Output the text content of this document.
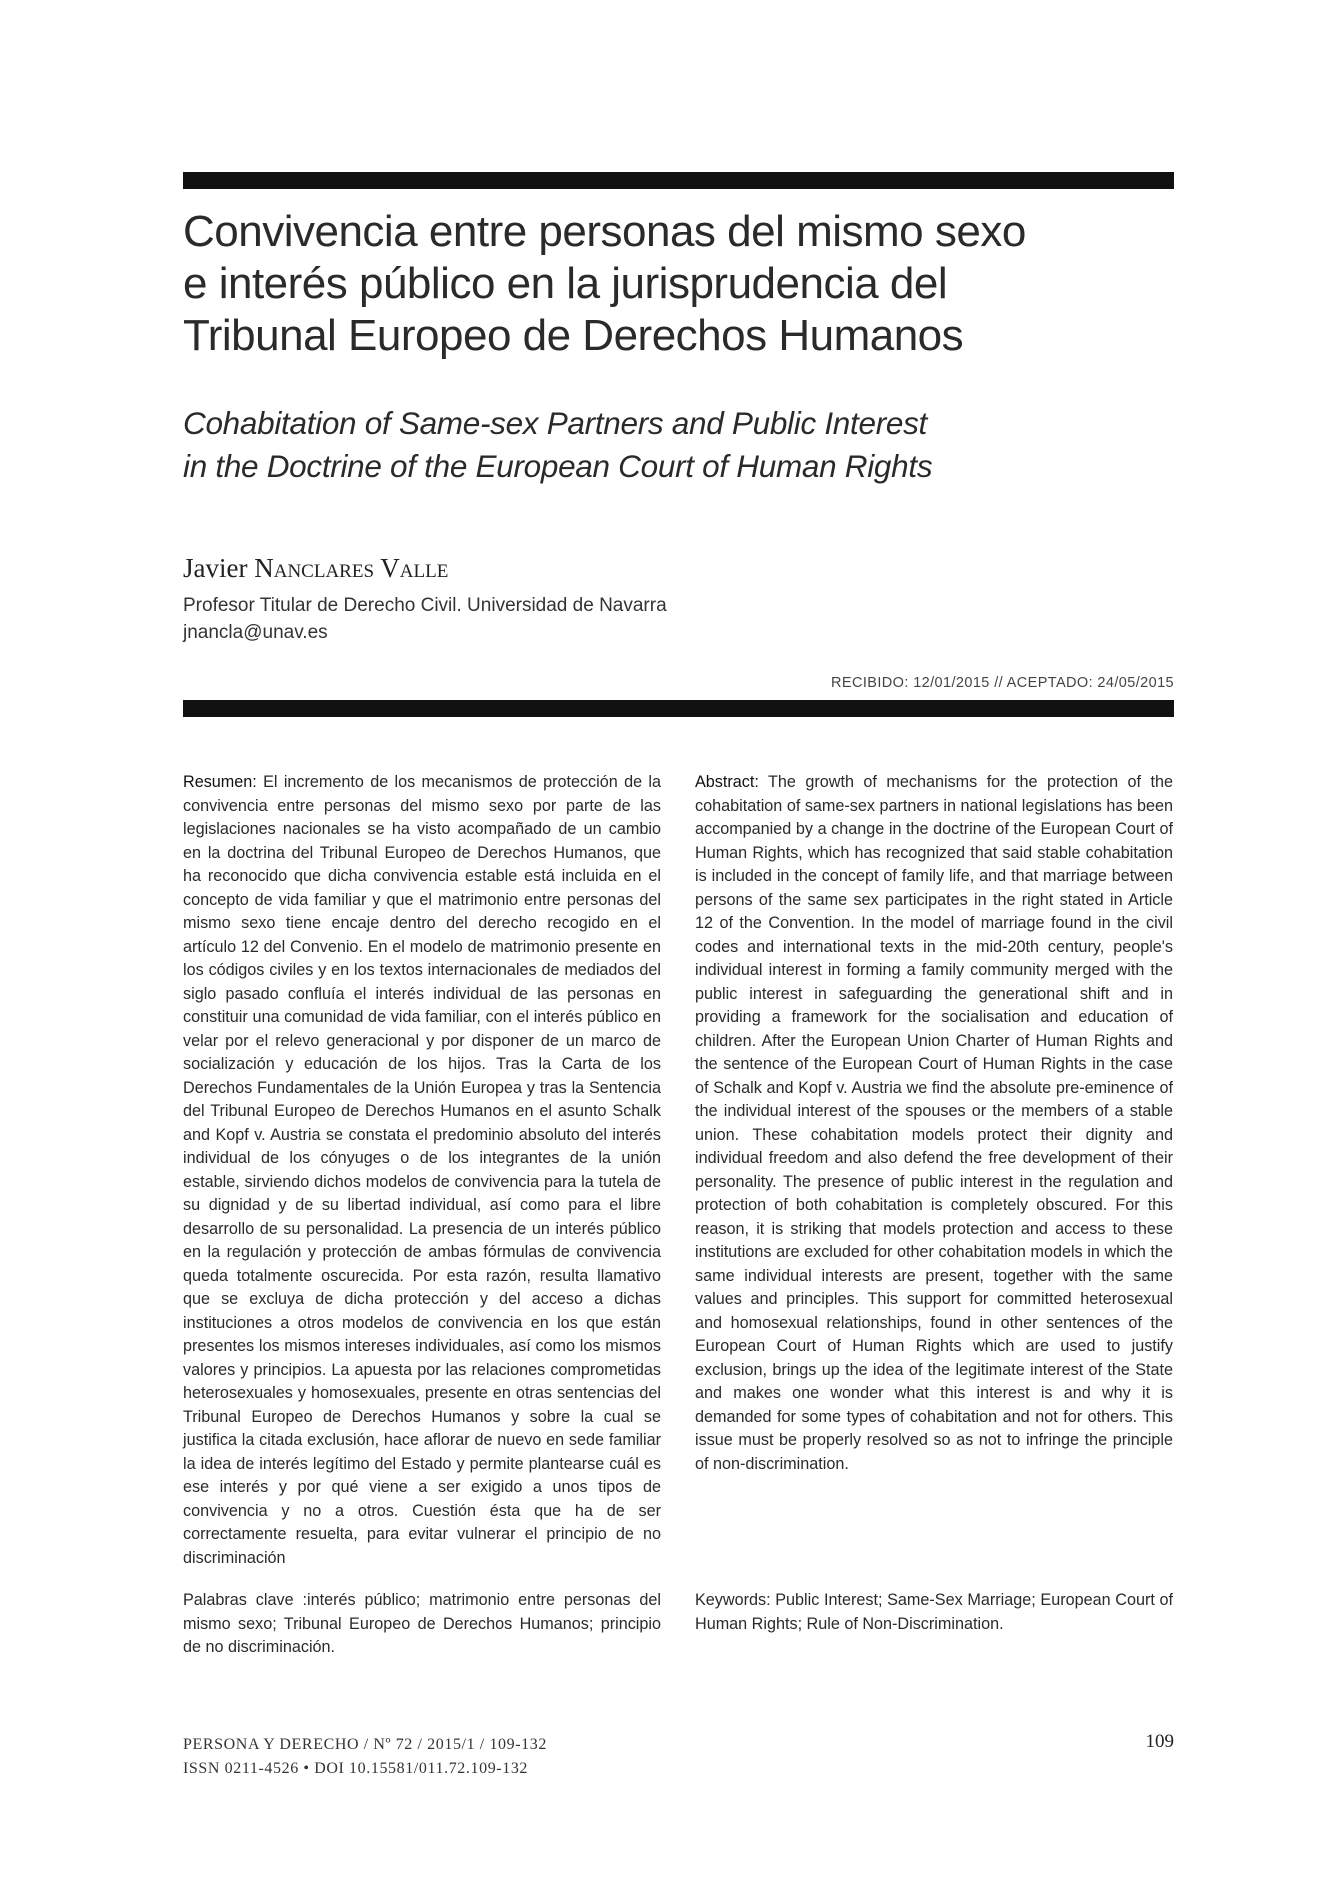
Convivencia entre personas del mismo sexo
e interés público en la jurisprudencia del
Tribunal Europeo de Derechos Humanos
Cohabitation of Same-sex Partners and Public Interest
in the Doctrine of the European Court of Human Rights
Javier Nanclares Valle
Profesor Titular de Derecho Civil. Universidad de Navarra
jnancla@unav.es
RECIBIDO: 12/01/2015 // ACEPTADO: 24/05/2015

Resumen: El incremento de los mecanismos de protección de la convivencia entre personas del mismo sexo por parte de las legislaciones nacionales se ha visto acompañado de un cambio en la doctrina del Tribunal Europeo de Derechos Humanos, que ha reconocido que dicha convivencia estable está incluida en el concepto de vida familiar y que el matrimonio entre personas del mismo sexo tiene encaje dentro del derecho recogido en el artículo 12 del Convenio. En el modelo de matrimonio presente en los códigos civiles y en los textos internacionales de mediados del siglo pasado confluía el interés individual de las personas en constituir una comunidad de vida familiar, con el interés público en velar por el relevo generacional y por disponer de un marco de socialización y educación de los hijos. Tras la Carta de los Derechos Fundamentales de la Unión Europea y tras la Sentencia del Tribunal Europeo de Derechos Humanos en el asunto Schalk and Kopf v. Austria se constata el predominio absoluto del interés individual de los cónyuges o de los integrantes de la unión estable, sirviendo dichos modelos de convivencia para la tutela de su dignidad y de su libertad individual, así como para el libre desarrollo de su personalidad. La presencia de un interés público en la regulación y protección de ambas fórmulas de convivencia queda totalmente oscurecida. Por esta razón, resulta llamativo que se excluya de dicha protección y del acceso a dichas instituciones a otros modelos de convivencia en los que están presentes los mismos intereses individuales, así como los mismos valores y principios. La apuesta por las relaciones comprometidas heterosexuales y homosexuales, presente en otras sentencias del Tribunal Europeo de Derechos Humanos y sobre la cual se justifica la citada exclusión, hace aflorar de nuevo en sede familiar la idea de interés legítimo del Estado y permite plantearse cuál es ese interés y por qué viene a ser exigido a unos tipos de convivencia y no a otros. Cuestión ésta que ha de ser correctamente resuelta, para evitar vulnerar el principio de no discriminación

Abstract: The growth of mechanisms for the protection of the cohabitation of same-sex partners in national legislations has been accompanied by a change in the doctrine of the European Court of Human Rights, which has recognized that said stable cohabitation is included in the concept of family life, and that marriage between persons of the same sex participates in the right stated in Article 12 of the Convention. In the model of marriage found in the civil codes and international texts in the mid-20th century, people's individual interest in forming a family community merged with the public interest in safeguarding the generational shift and in providing a framework for the socialisation and education of children. After the European Union Charter of Human Rights and the sentence of the European Court of Human Rights in the case of Schalk and Kopf v. Austria we find the absolute pre-eminence of the individual interest of the spouses or the members of a stable union. These cohabitation models protect their dignity and individual freedom and also defend the free development of their personality. The presence of public interest in the regulation and protection of both cohabitation is completely obscured. For this reason, it is striking that models protection and access to these institutions are excluded for other cohabitation models in which the same individual interests are present, together with the same values and principles. This support for committed heterosexual and homosexual relationships, found in other sentences of the European Court of Human Rights which are used to justify exclusion, brings up the idea of the legitimate interest of the State and makes one wonder what this interest is and why it is demanded for some types of cohabitation and not for others. This issue must be properly resolved so as not to infringe the principle of non-discrimination.

Palabras clave :interés público; matrimonio entre personas del mismo sexo; Tribunal Europeo de Derechos Humanos; principio de no discriminación.
Keywords: Public Interest; Same-Sex Marriage; European Court of Human Rights; Rule of Non-Discrimination.
PERSONA Y DERECHO / Nº 72 / 2015/1 / 109-132
ISSN 0211-4526 • DOI 10.15581/011.72.109-132
109
